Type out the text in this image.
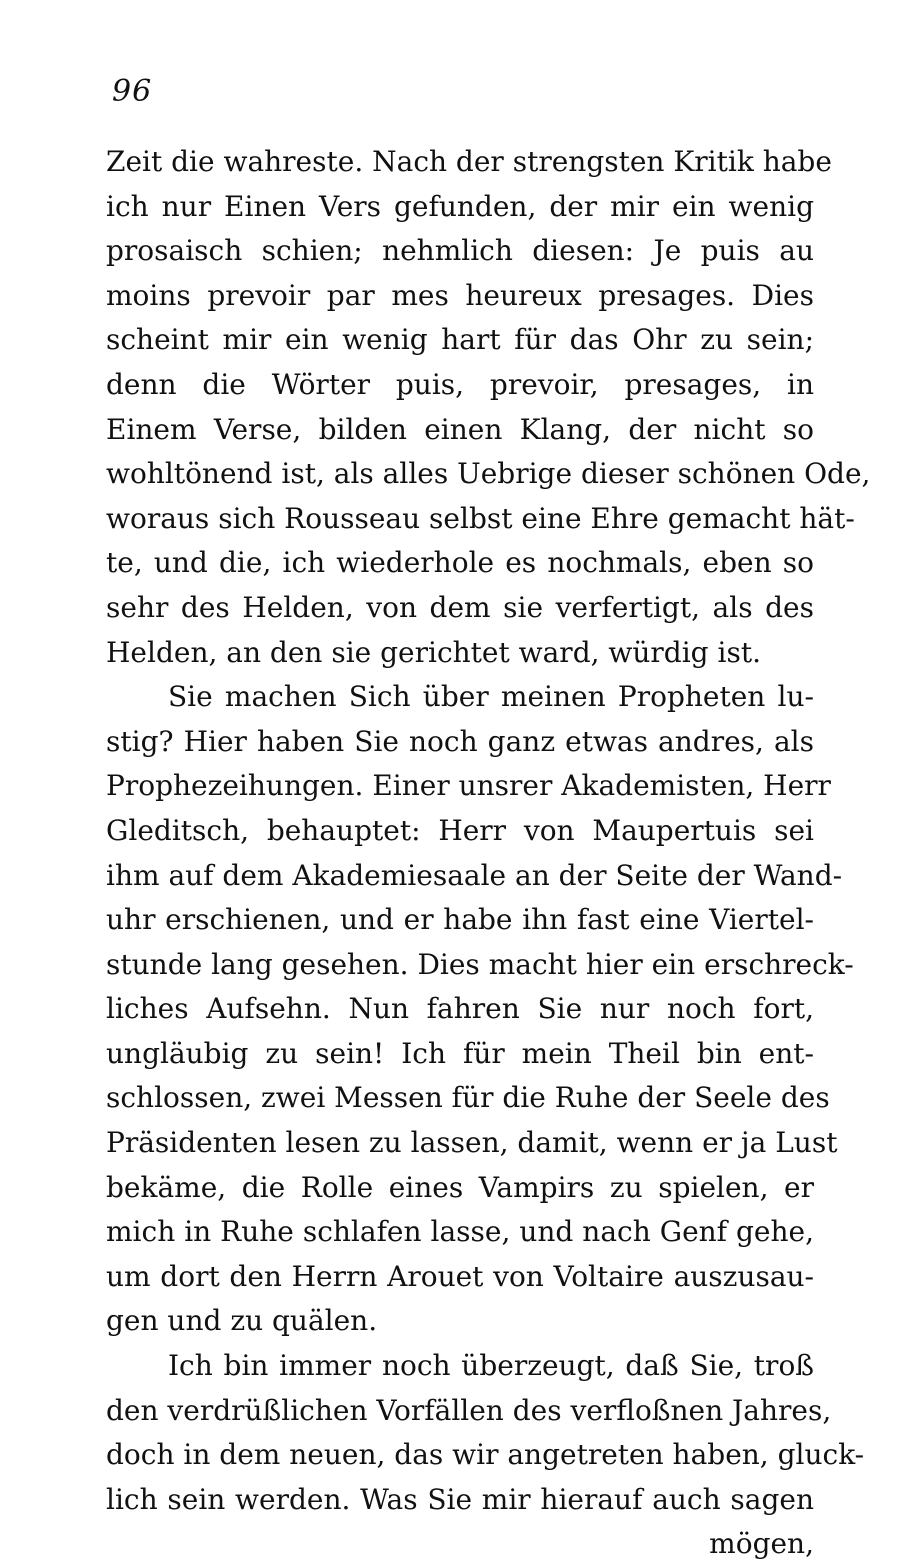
96
Zeit die wahreste. Nach der strengsten Kritik habe
ich nur Einen Vers gefunden, der mir ein wenig
prosaisch schien; nehmlich diesen: Je puis au
moins prevoir par mes heureux presages. Dies
scheint mir ein wenig hart für das Ohr zu sein;
denn die Wörter puis, prevoir, presages, in
Einem Verse, bilden einen Klang, der nicht so
wohltönend ist, als alles Uebrige dieser schönen Ode,
woraus sich Rousseau selbst eine Ehre gemacht hät-
te, und die, ich wiederhole es nochmals, eben so
sehr des Helden, von dem sie verfertigt, als des
Helden, an den sie gerichtet ward, würdig ist.
Sie machen Sich über meinen Propheten lu-
stig? Hier haben Sie noch ganz etwas andres, als
Prophezeihungen. Einer unsrer Akademisten, Herr
Gleditsch, behauptet: Herr von Maupertuis sei
ihm auf dem Akademiesaale an der Seite der Wand-
uhr erschienen, und er habe ihn fast eine Viertel-
stunde lang gesehen. Dies macht hier ein erschreck-
liches Aufsehn. Nun fahren Sie nur noch fort,
ungläubig zu sein! Ich für mein Theil bin ent-
schlossen, zwei Messen für die Ruhe der Seele des
Präsidenten lesen zu lassen, damit, wenn er ja Lust
bekäme, die Rolle eines Vampirs zu spielen, er
mich in Ruhe schlafen lasse, und nach Genf gehe,
um dort den Herrn Arouet von Voltaire auszusau-
gen und zu quälen.
Ich bin immer noch überzeugt, daß Sie, troß
den verdrüßlichen Vorfällen des verfloßnen Jahres,
doch in dem neuen, das wir angetreten haben, gluck-
lich sein werden. Was Sie mir hierauf auch sagen
mögen,
